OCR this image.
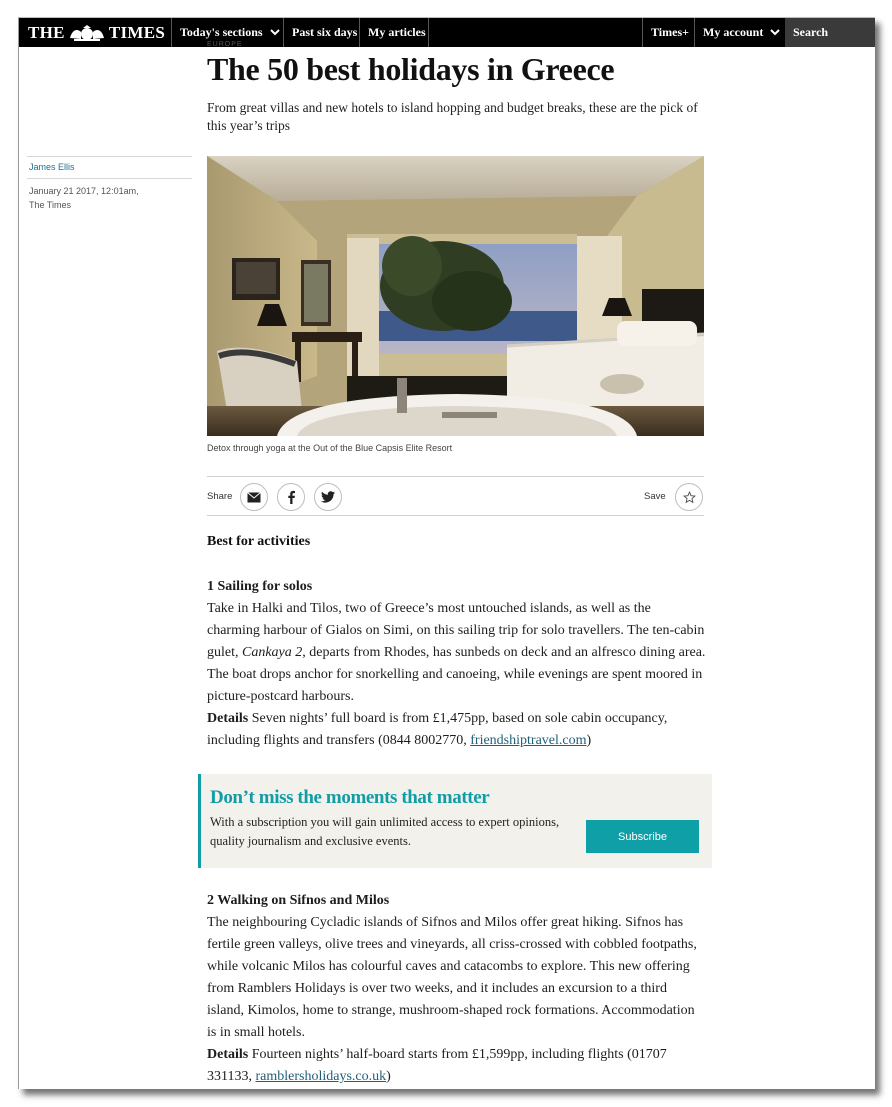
THE	TIMES	Today's sections	Past six days My articles	Times+	My account	Search
EUROPE
The 50 best holidays in Greece
From great villas and new hotels to island hopping and budget breaks, these are the pick of this year’s trips
James Ellis
January 21 2017, 12:01am,
The Times
Detox through yoga at the Out of the Blue Capsis Elite Resort
Share	Save
Best for activities
1 Sailing for solos
Take in Halki and Tilos, two of Greece’s most untouched islands, as well as the charming harbour of Gialos on Simi, on this sailing trip for solo travellers. The ten-cabin gulet, Cankaya 2, departs from Rhodes, has sunbeds on deck and an alfresco dining area. The boat drops anchor for snorkelling and canoeing, while evenings are spent moored in picture-postcard harbours.
Details Seven nights’ full board is from £1,475pp, based on sole cabin occupancy, including flights and transfers (0844 8002770, friendshiptravel.com)
Don’t miss the moments that matter
With a subscription you will gain unlimited access to expert opinions, quality journalism and exclusive events.	Subscribe
2 Walking on Sifnos and Milos
The neighbouring Cycladic islands of Sifnos and Milos offer great hiking. Sifnos has fertile green valleys, olive trees and vineyards, all criss-crossed with cobbled footpaths, while volcanic Milos has colourful caves and catacombs to explore. This new offering from Ramblers Holidays is over two weeks, and it includes an excursion to a third island, Kimolos, home to strange, mushroom-shaped rock formations. Accommodation is in small hotels.
Details Fourteen nights’ half-board starts from £1,599pp, including flights (01707 331133, ramblersholidays.co.uk)
